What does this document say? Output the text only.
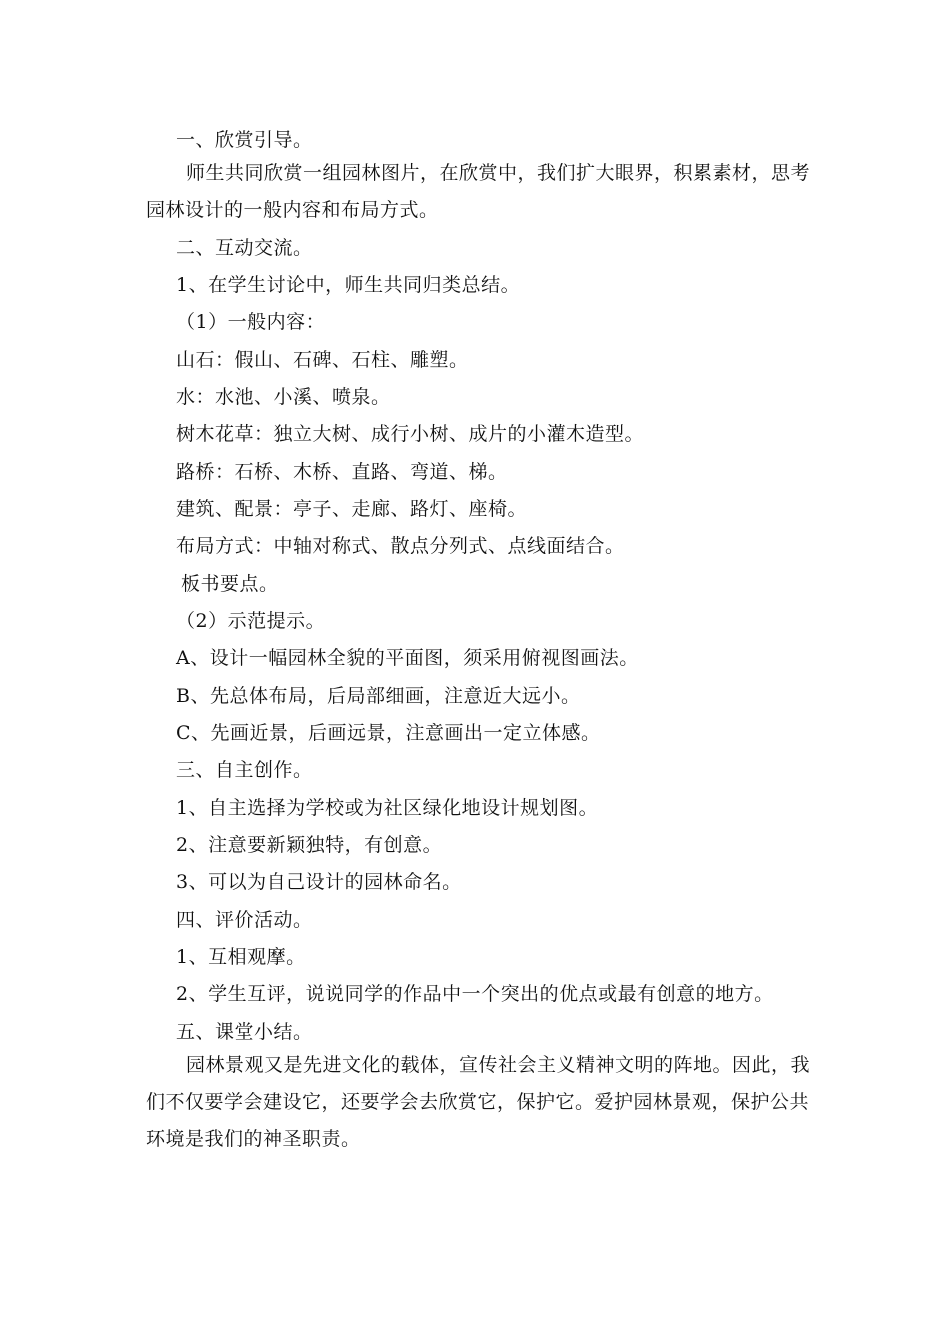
一、欣赏引导。
师生共同欣赏一组园林图片，在欣赏中，我们扩大眼界，积累素材，思考
园林设计的一般内容和布局方式。
二、互动交流。
1、在学生讨论中，师生共同归类总结。
（1）一般内容：
山石：假山、石碑、石柱、雕塑。
水：水池、小溪、喷泉。
树木花草：独立大树、成行小树、成片的小灌木造型。
路桥：石桥、木桥、直路、弯道、梯。
建筑、配景：亭子、走廊、路灯、座椅。
布局方式：中轴对称式、散点分列式、点线面结合。
板书要点。
（2）示范提示。
A、设计一幅园林全貌的平面图，须采用俯视图画法。
B、先总体布局，后局部细画，注意近大远小。
C、先画近景，后画远景，注意画出一定立体感。
三、自主创作。
1、自主选择为学校或为社区绿化地设计规划图。
2、注意要新颖独特，有创意。
3、可以为自己设计的园林命名。
四、评价活动。
1、互相观摩。
2、学生互评，说说同学的作品中一个突出的优点或最有创意的地方。
五、课堂小结。
园林景观又是先进文化的载体，宣传社会主义精神文明的阵地。因此，我
们不仅要学会建设它，还要学会去欣赏它，保护它。爱护园林景观，保护公共
环境是我们的神圣职责。
